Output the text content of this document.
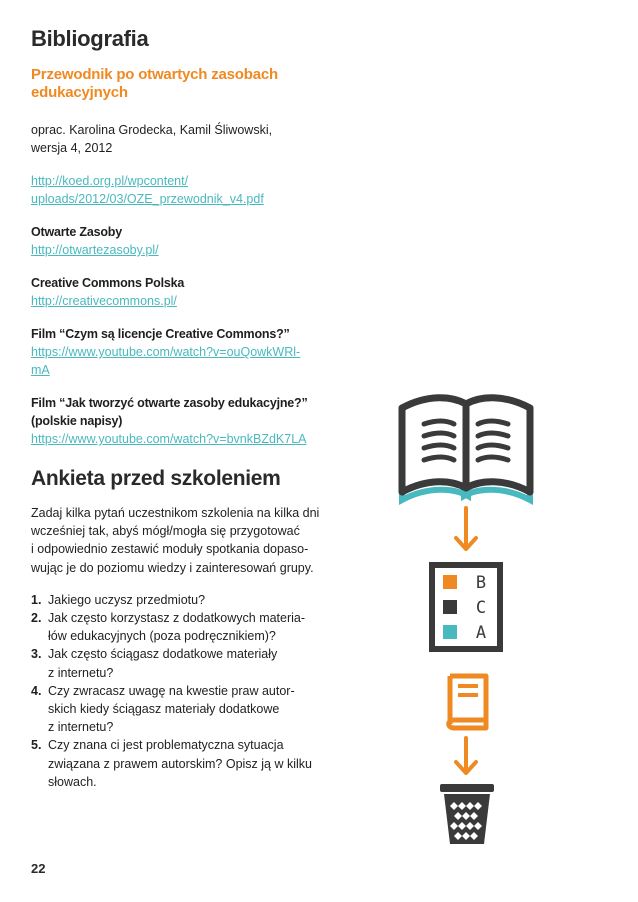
Bibliografia
Przewodnik po otwartych zasobach
edukacyjnych

oprac. Karolina Grodecka, Kamil Śliwowski,
wersja 4, 2012

http://koed.org.pl/wpcontent/
uploads/2012/03/OZE_przewodnik_v4.pdf

Otwarte Zasoby

http://otwartezasoby.pl/

Creative Commons Polska

http://creativecommons.pl/

Film “Czym są licencje Creative Commons?”

https://www.youtube.com/watch?v=ouQowkWRl-
mA

Film “Jak tworzyć otwarte zasoby edukacyjne?”
(polskie napisy)

https://www.youtube.com/watch?v=bvnkBZdK7LA
Ankieta przed szkoleniem

Zadaj kilka pytań uczestnikom szkolenia na kilka dni
wcześniej tak, abyś mógł/mogła się przygotować
i odpowiednio zestawić moduły spotkania dopaso-
wując je do poziomu wiedzy i zainteresowań grupy.

1. Jakiego uczysz przedmiotu?
2. Jak często korzystasz z dodatkowych materia-
łów edukacyjnych (poza podręcznikiem)?
3. Jak często ściągasz dodatkowe materiały
z internetu?
4. Czy zwracasz uwagę na kwestie praw autor-
skich kiedy ściągasz materiały dodatkowe
z internetu?
5. Czy znana ci jest problematyczna sytuacja
związana z prawem autorskim? Opisz ją w kilku
słowach.
B
C
A
22
